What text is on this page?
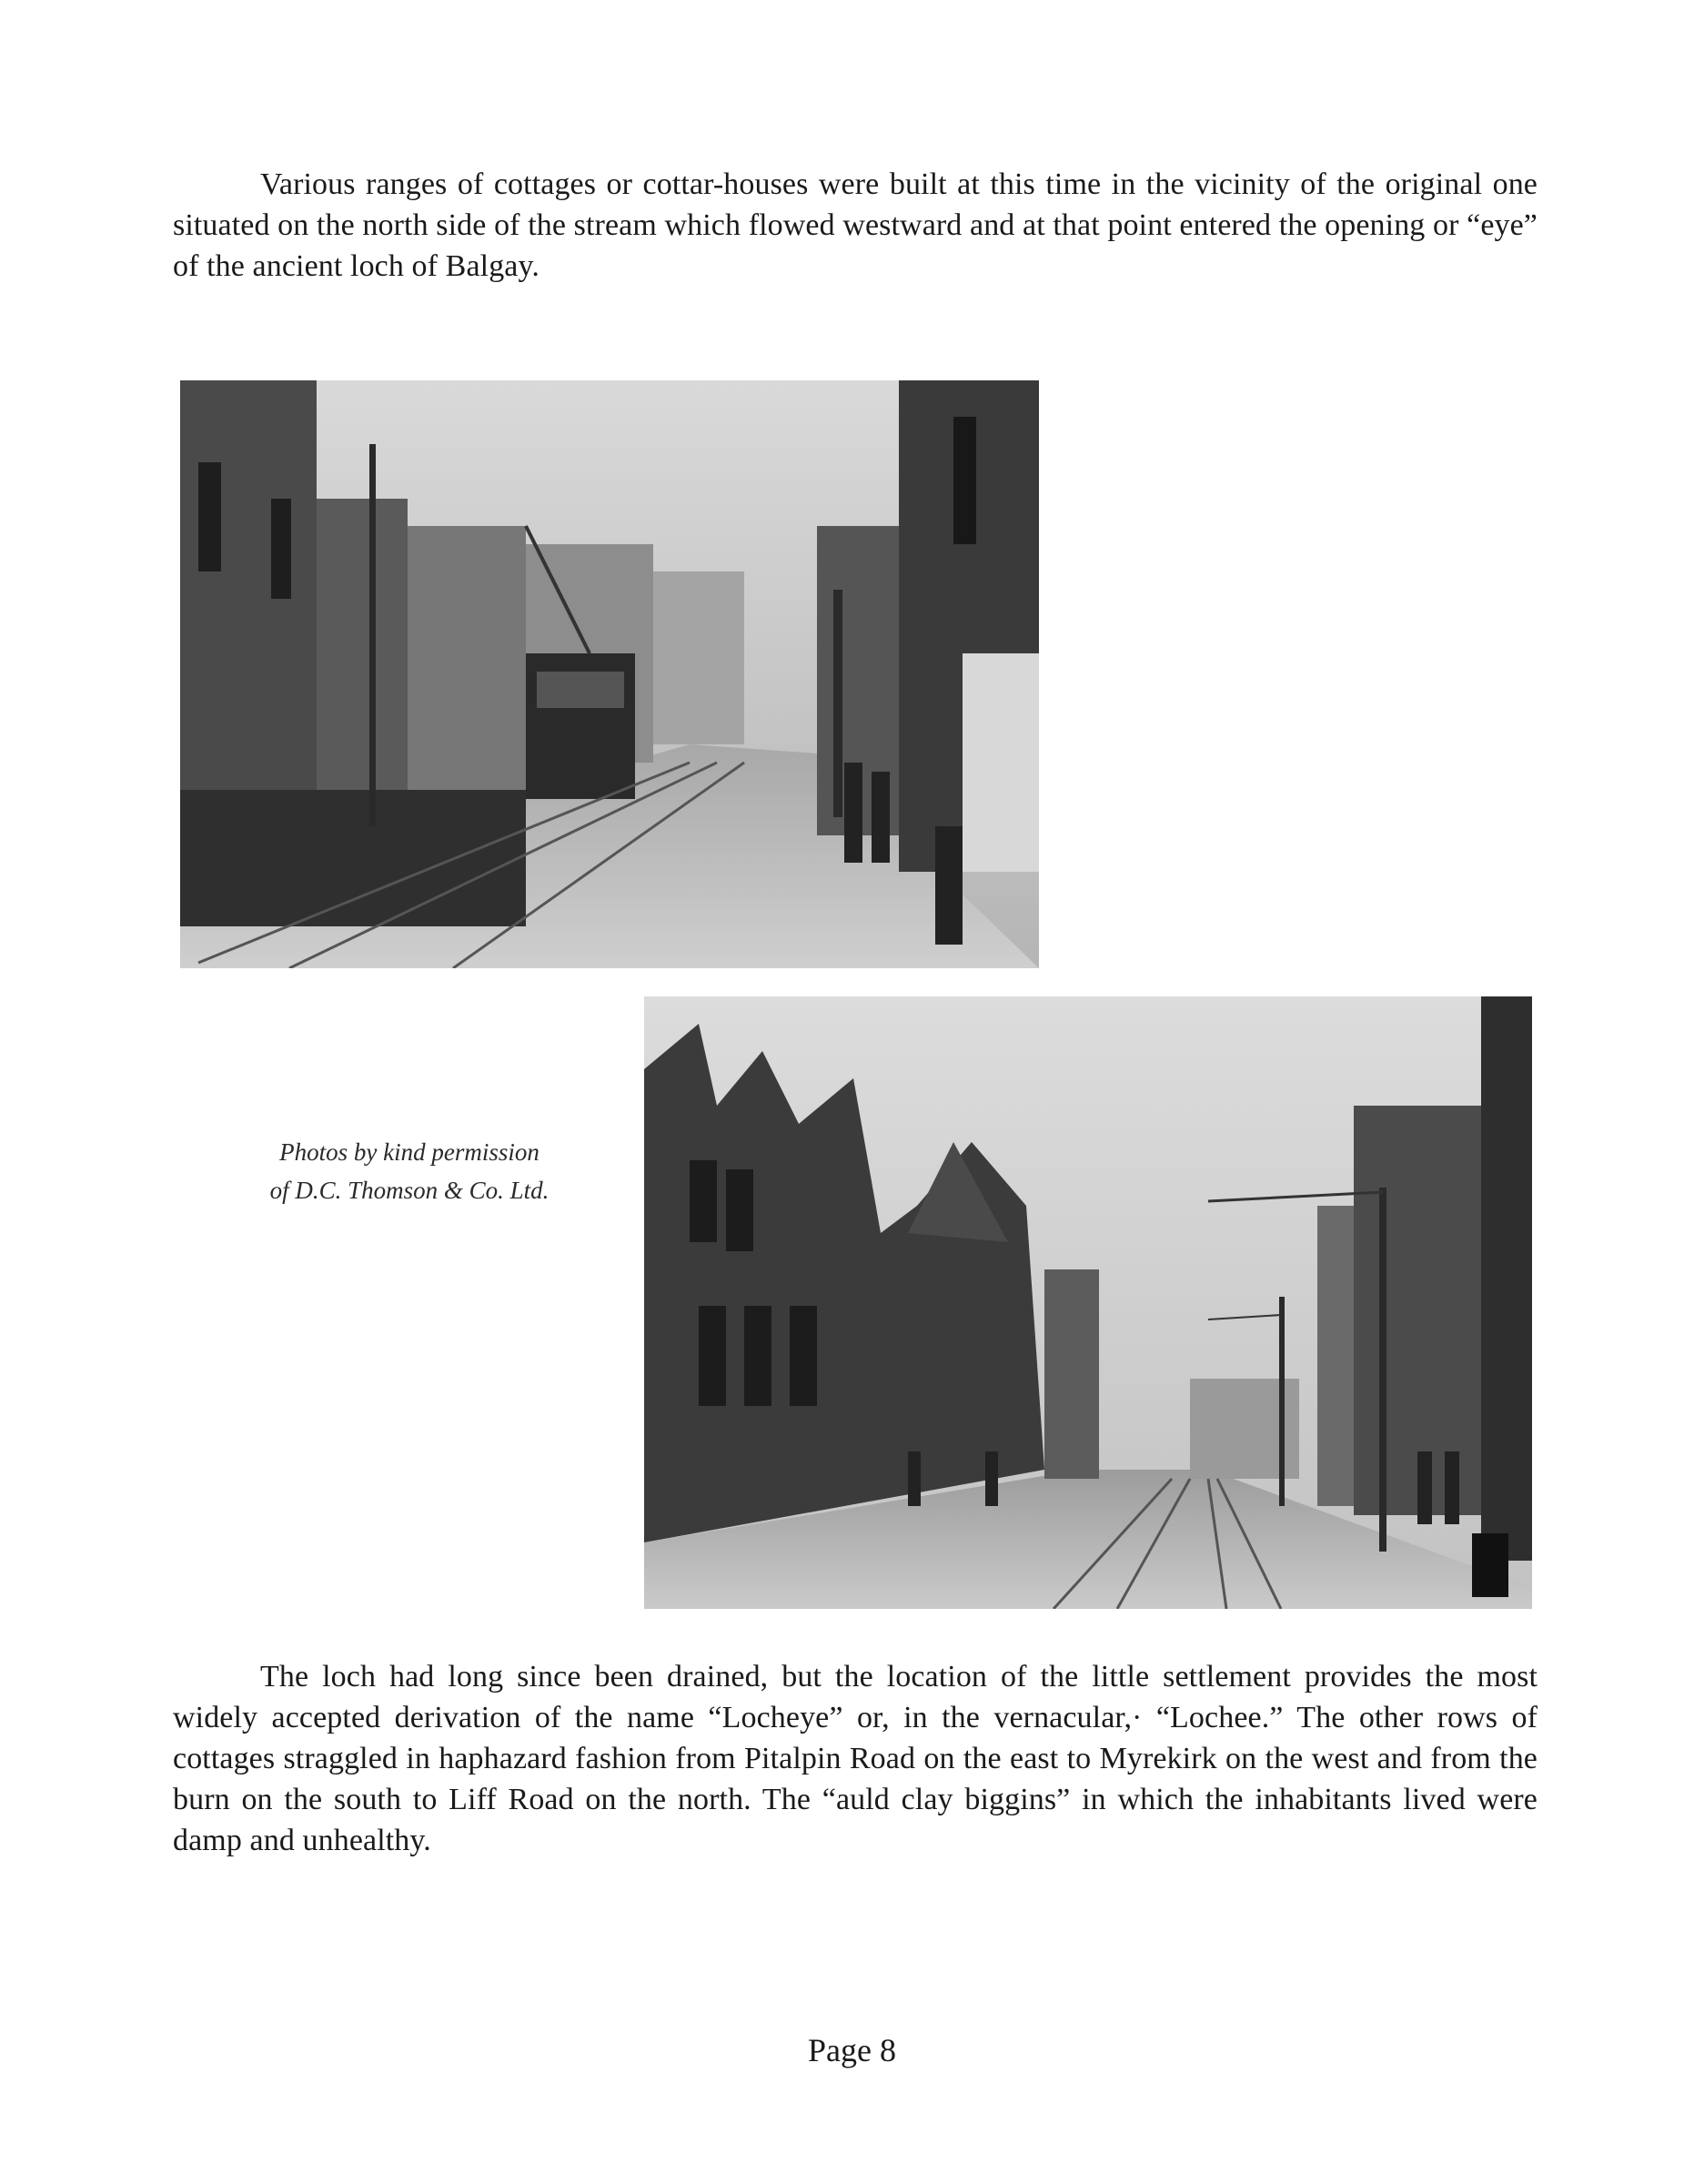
Various ranges of cottages or cottar-houses were built at this time in the vicinity of the original one situated on the north side of the stream which flowed westward and at that point entered the opening or “eye” of the ancient loch of Balgay.

Photos by kind permission
of D.C. Thomson & Co. Ltd.

The loch had long since been drained, but the location of the little settlement provides the most widely accepted derivation of the name “Locheye” or, in the vernacular,· “Lochee.” The other rows of cottages straggled in haphazard fashion from Pitalpin Road on the east to Myrekirk on the west and from the burn on the south to Liff Road on the north. The “auld clay biggins” in which the inhabitants lived were damp and unhealthy.

Page 8
